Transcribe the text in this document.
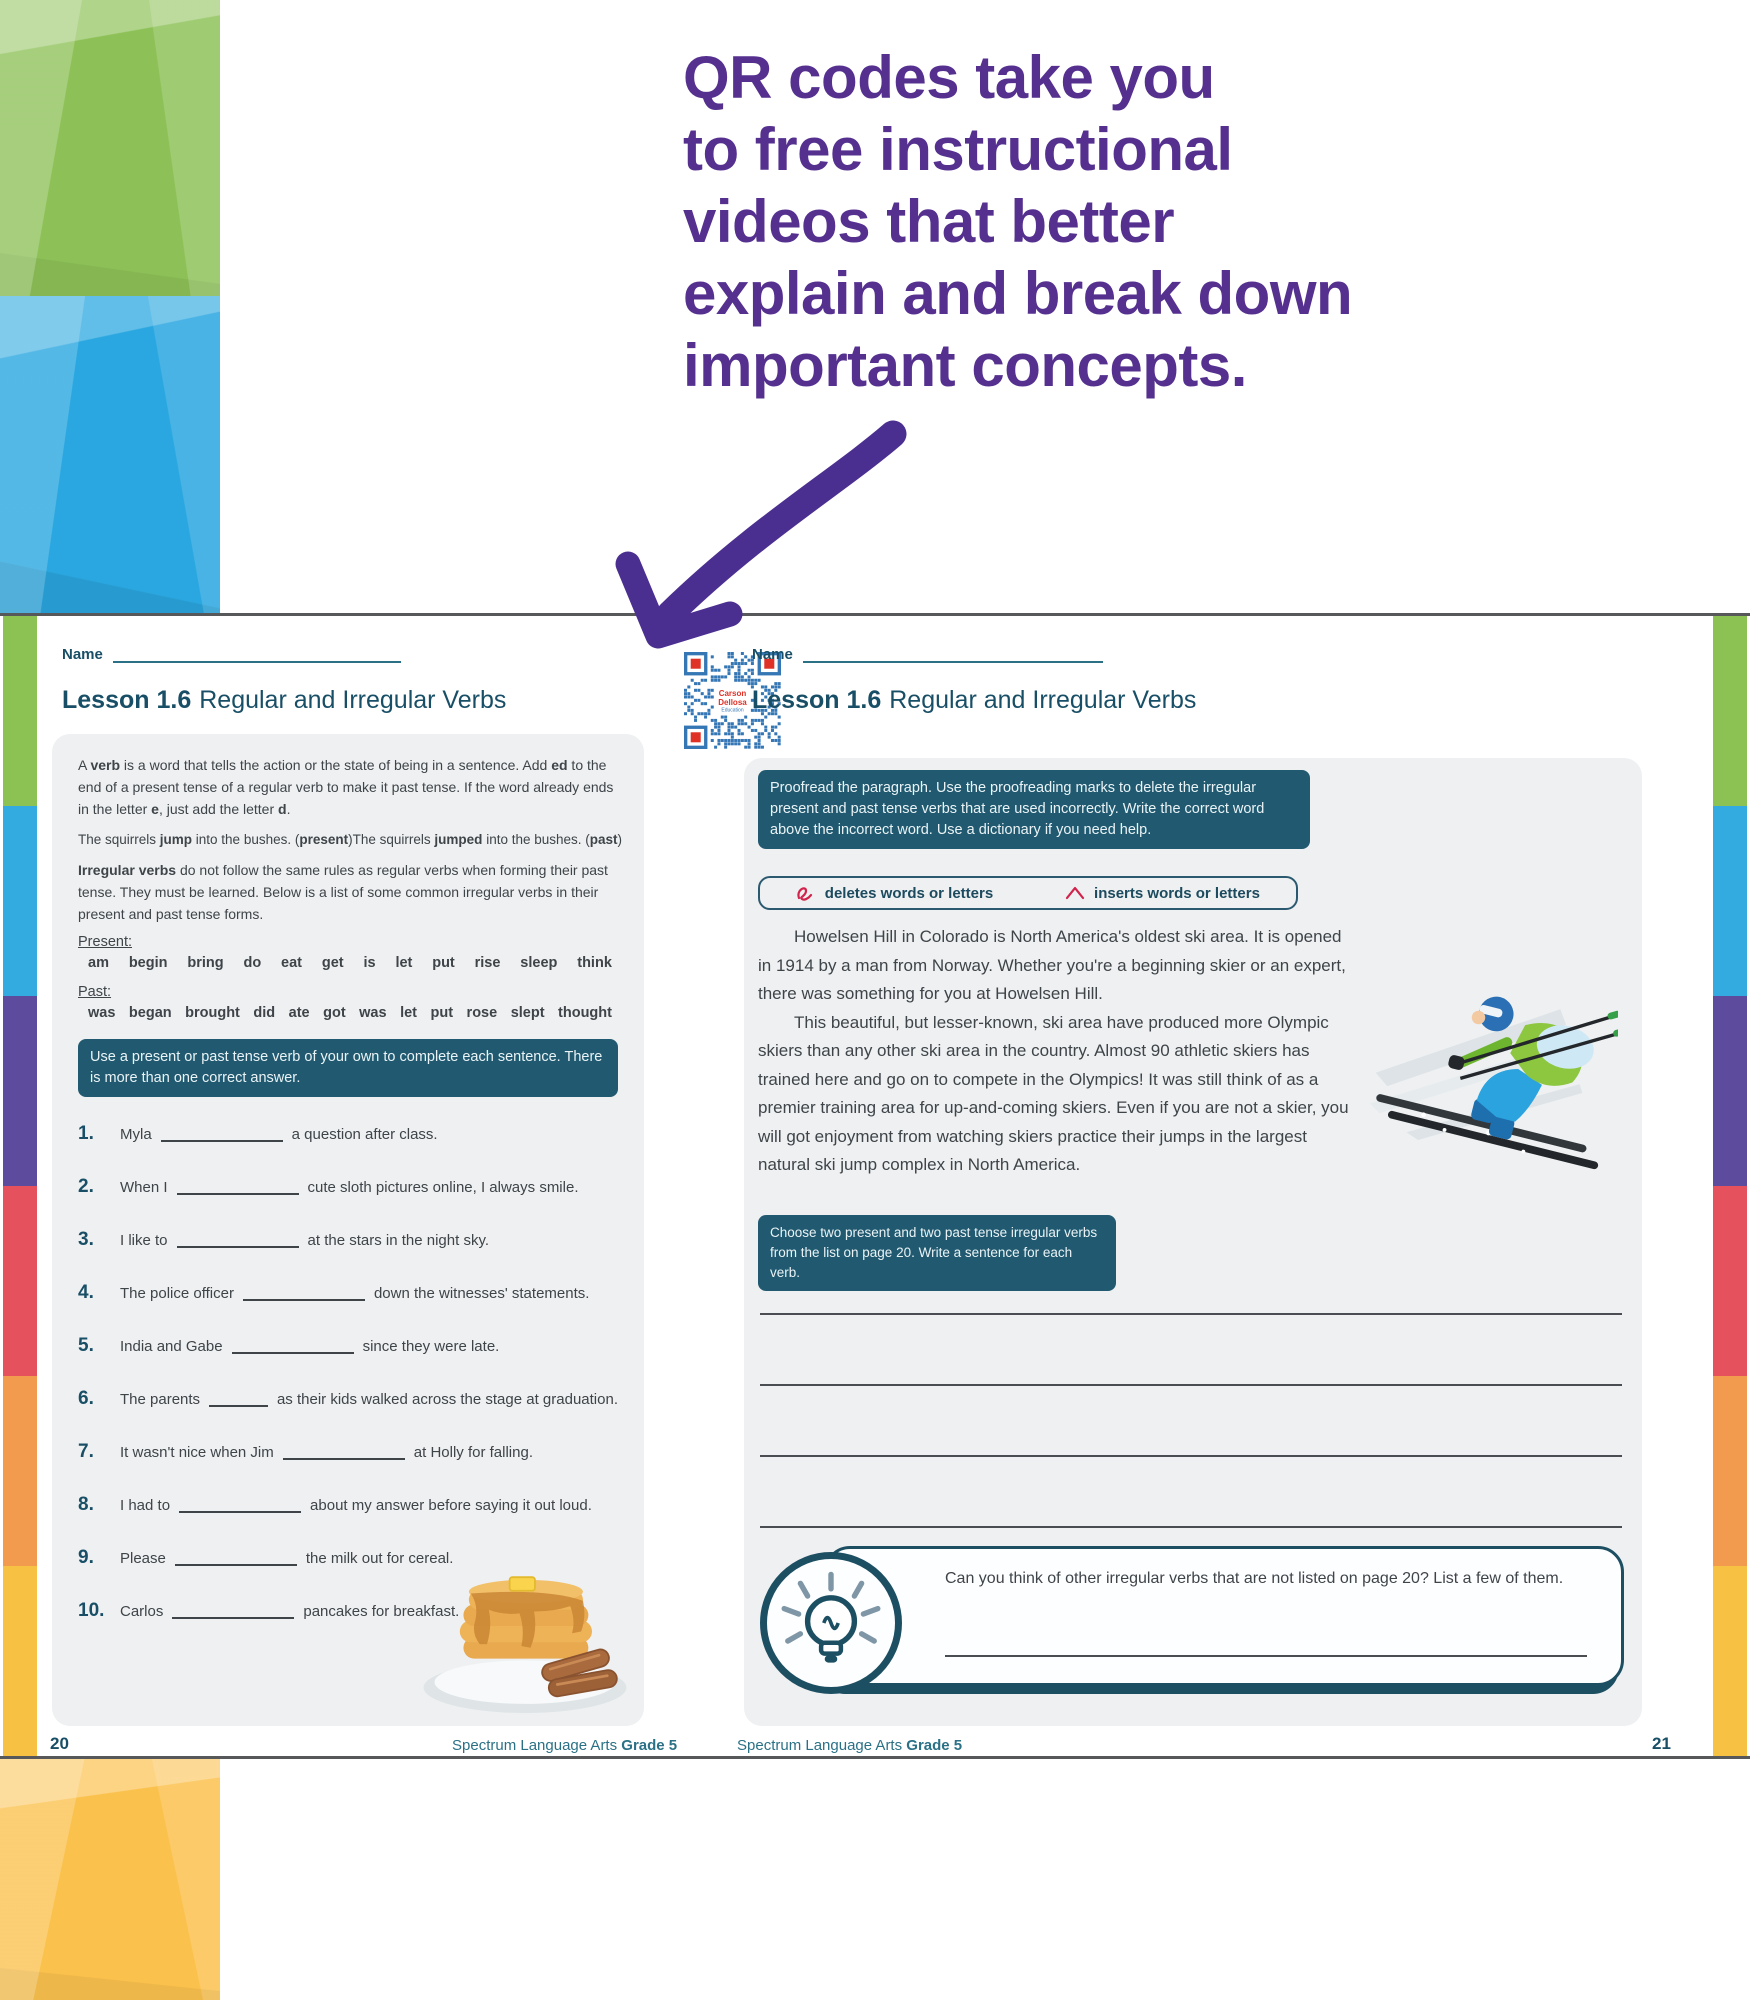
QR codes take you
to free instructional
videos that better
explain and break down
important concepts.
Name
Lesson 1.6 Regular and Irregular Verbs
A verb is a word that tells the action or the state of being in a sentence. Add ed to the end of a present tense of a regular verb to make it past tense. If the word already ends in the letter e, just add the letter d.
The squirrels jump into the bushes. (present) The squirrels jumped into the bushes. (past)
Irregular verbs do not follow the same rules as regular verbs when forming their past tense. They must be learned. Below is a list of some common irregular verbs in their present and past tense forms.
Present:
am begin bring do eat get is let put rise sleep think
Past:
was began brought did ate got was let put rose slept thought
Use a present or past tense verb of your own to complete each sentence. There is more than one correct answer.
1.	Myla	a question after class.
2.	When I	cute sloth pictures online, I always smile.
3.	I like to	at the stars in the night sky.
4.	The police officer	down the witnesses' statements.
5.	India and Gabe	since they were late.
6.	The parents	as their kids walked across the stage at graduation.
7.	It wasn't nice when Jim	at Holly for falling.
8.	I had to	about my answer before saying it out loud.
9.	Please	the milk out for cereal.
10.	Carlos	pancakes for breakfast.
20	Spectrum Language Arts Grade 5
Carson
Dellosa
Education
Name
Lesson 1.6 Regular and Irregular Verbs
Proofread the paragraph. Use the proofreading marks to delete the irregular present and past tense verbs that are used incorrectly. Write the correct word above the incorrect word. Use a dictionary if you need help.
deletes words or letters	inserts words or letters

Howelsen Hill in Colorado is North America's oldest ski area. It is opened in 1914 by a man from Norway. Whether you're a beginning skier or an expert, there was something for you at Howelsen Hill.

This beautiful, but lesser-known, ski area have produced more Olympic skiers than any other ski area in the country. Almost 90 athletic skiers has trained here and go on to compete in the Olympics! It was still think of as a premier training area for up-and-coming skiers. Even if you are not a skier, you will got enjoyment from watching skiers practice their jumps in the largest natural ski jump complex in North America.

Choose two present and two past tense irregular verbs from the list on page 20. Write a sentence for each verb.
Can you think of other irregular verbs that are not listed on page 20? List a few of them.
Spectrum Language Arts Grade 5	21
